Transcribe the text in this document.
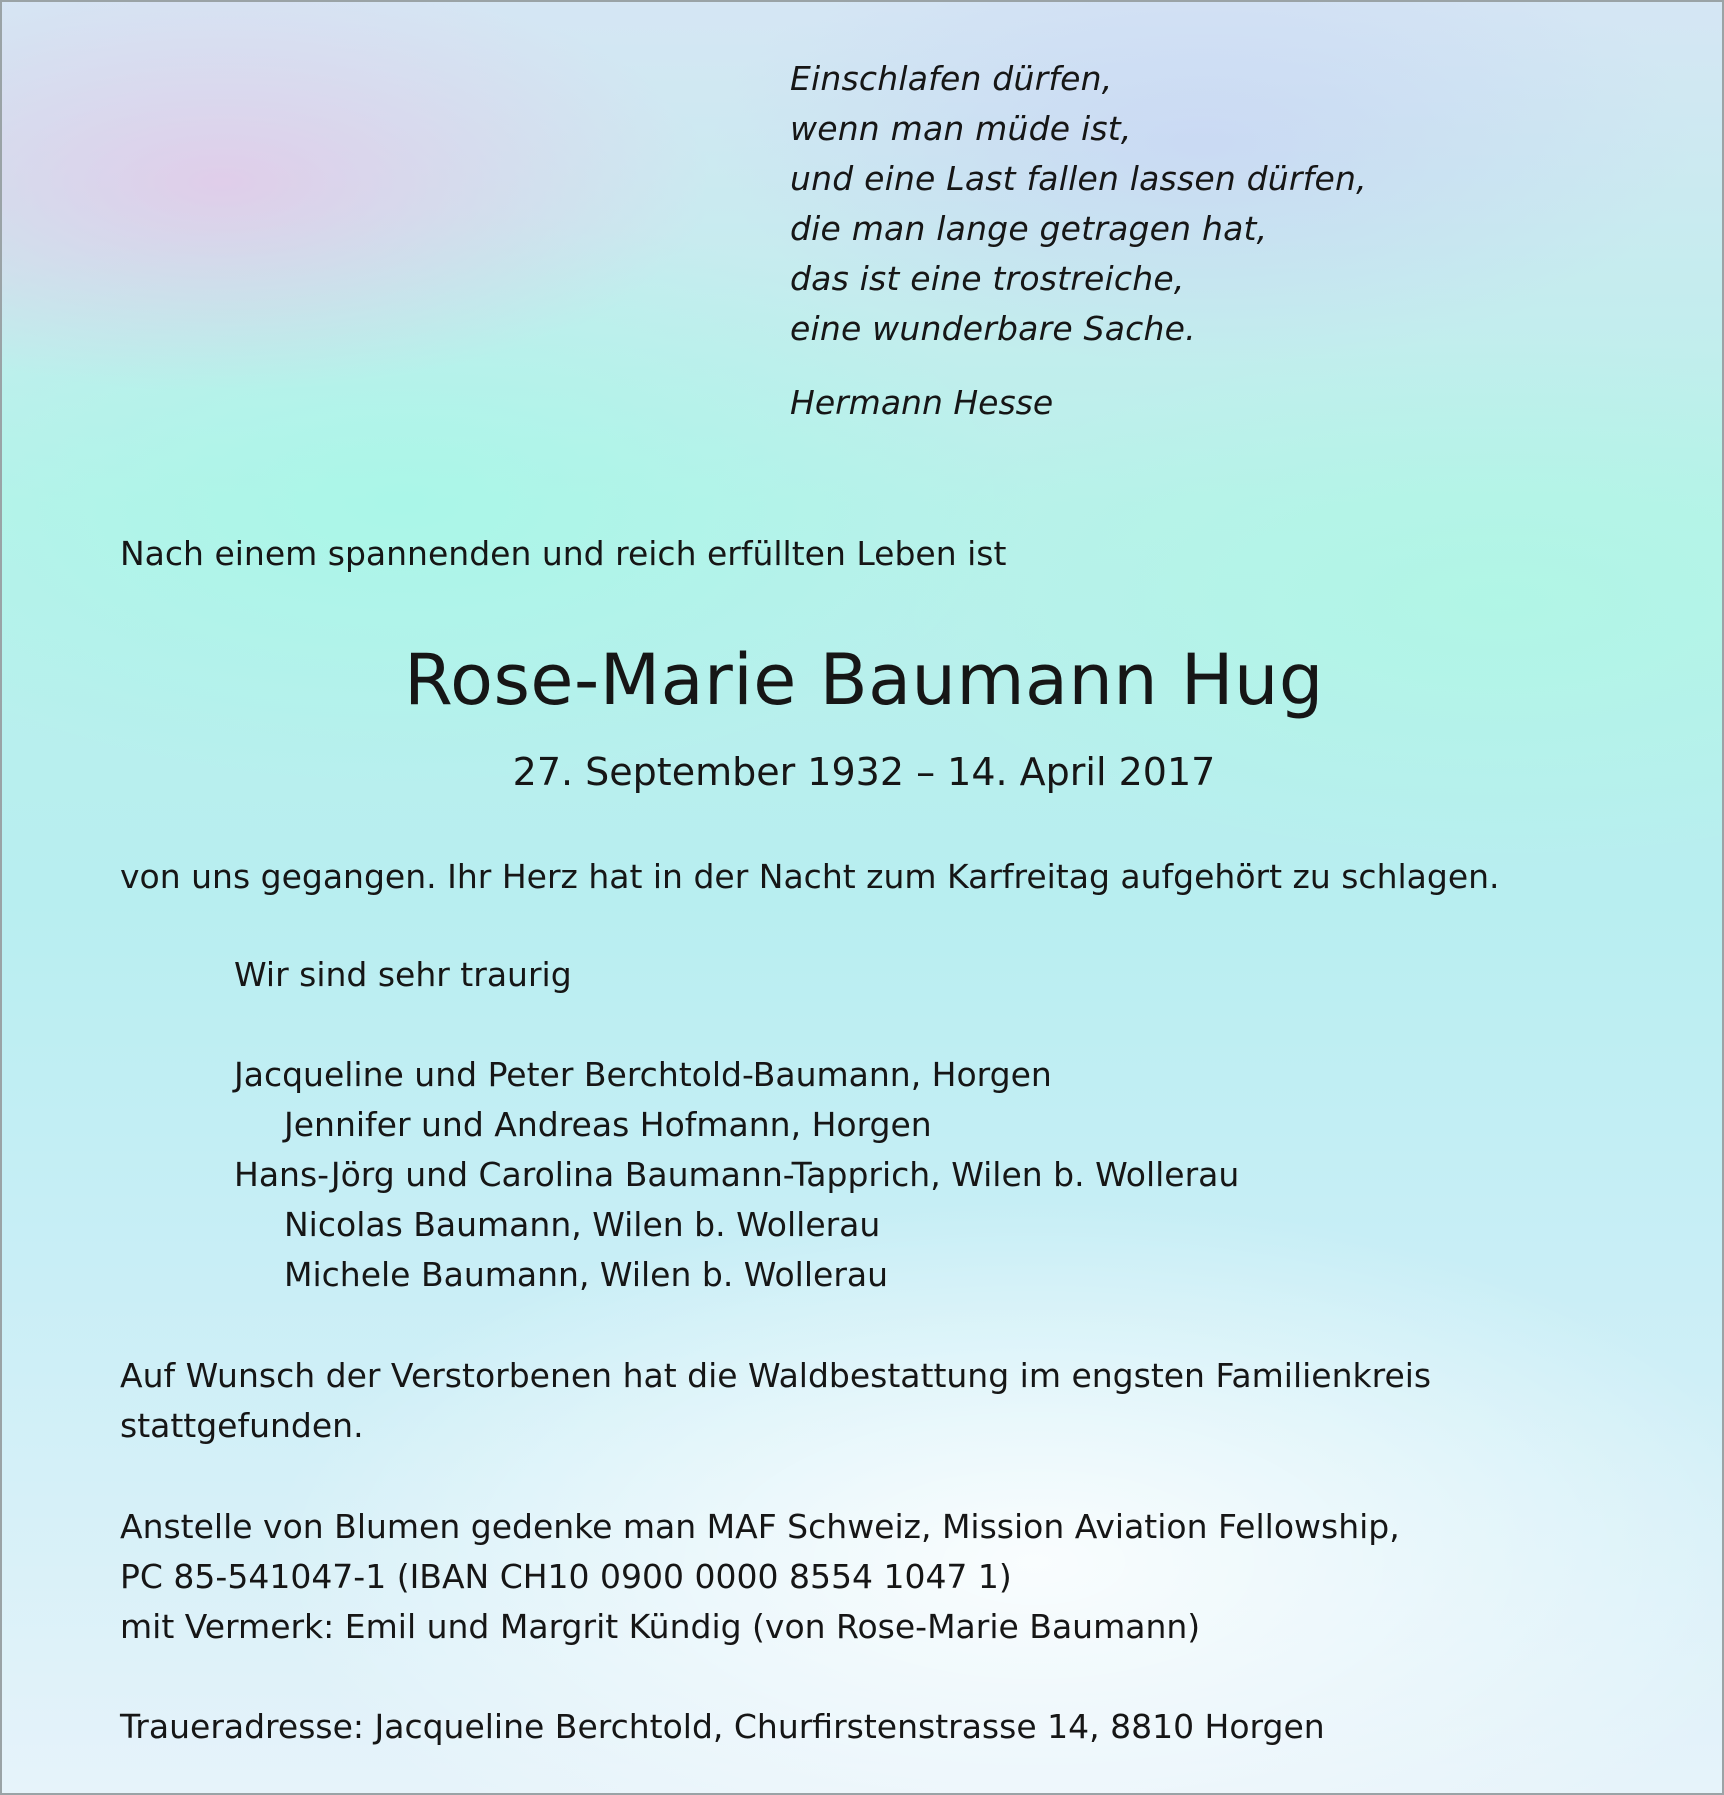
Einschlafen dürfen,
wenn man müde ist,
und eine Last fallen lassen dürfen,
die man lange getragen hat,
das ist eine trostreiche,
eine wunderbare Sache.
Hermann Hesse
Nach einem spannenden und reich erfüllten Leben ist
Rose-Marie Baumann Hug
27. September 1932 – 14. April 2017
von uns gegangen. Ihr Herz hat in der Nacht zum Karfreitag aufgehört zu schlagen.
Wir sind sehr traurig
Jacqueline und Peter Berchtold-Baumann, Horgen
Jennifer und Andreas Hofmann, Horgen
Hans-Jörg und Carolina Baumann-Tapprich, Wilen b. Wollerau
Nicolas Baumann, Wilen b. Wollerau
Michele Baumann, Wilen b. Wollerau
Auf Wunsch der Verstorbenen hat die Waldbestattung im engsten Familienkreis
stattgefunden.
Anstelle von Blumen gedenke man MAF Schweiz, Mission Aviation Fellowship,
PC 85-541047-1 (IBAN CH10 0900 0000 8554 1047 1)
mit Vermerk: Emil und Margrit Kündig (von Rose-Marie Baumann)
Traueradresse: Jacqueline Berchtold, Churfirstenstrasse 14, 8810 Horgen
